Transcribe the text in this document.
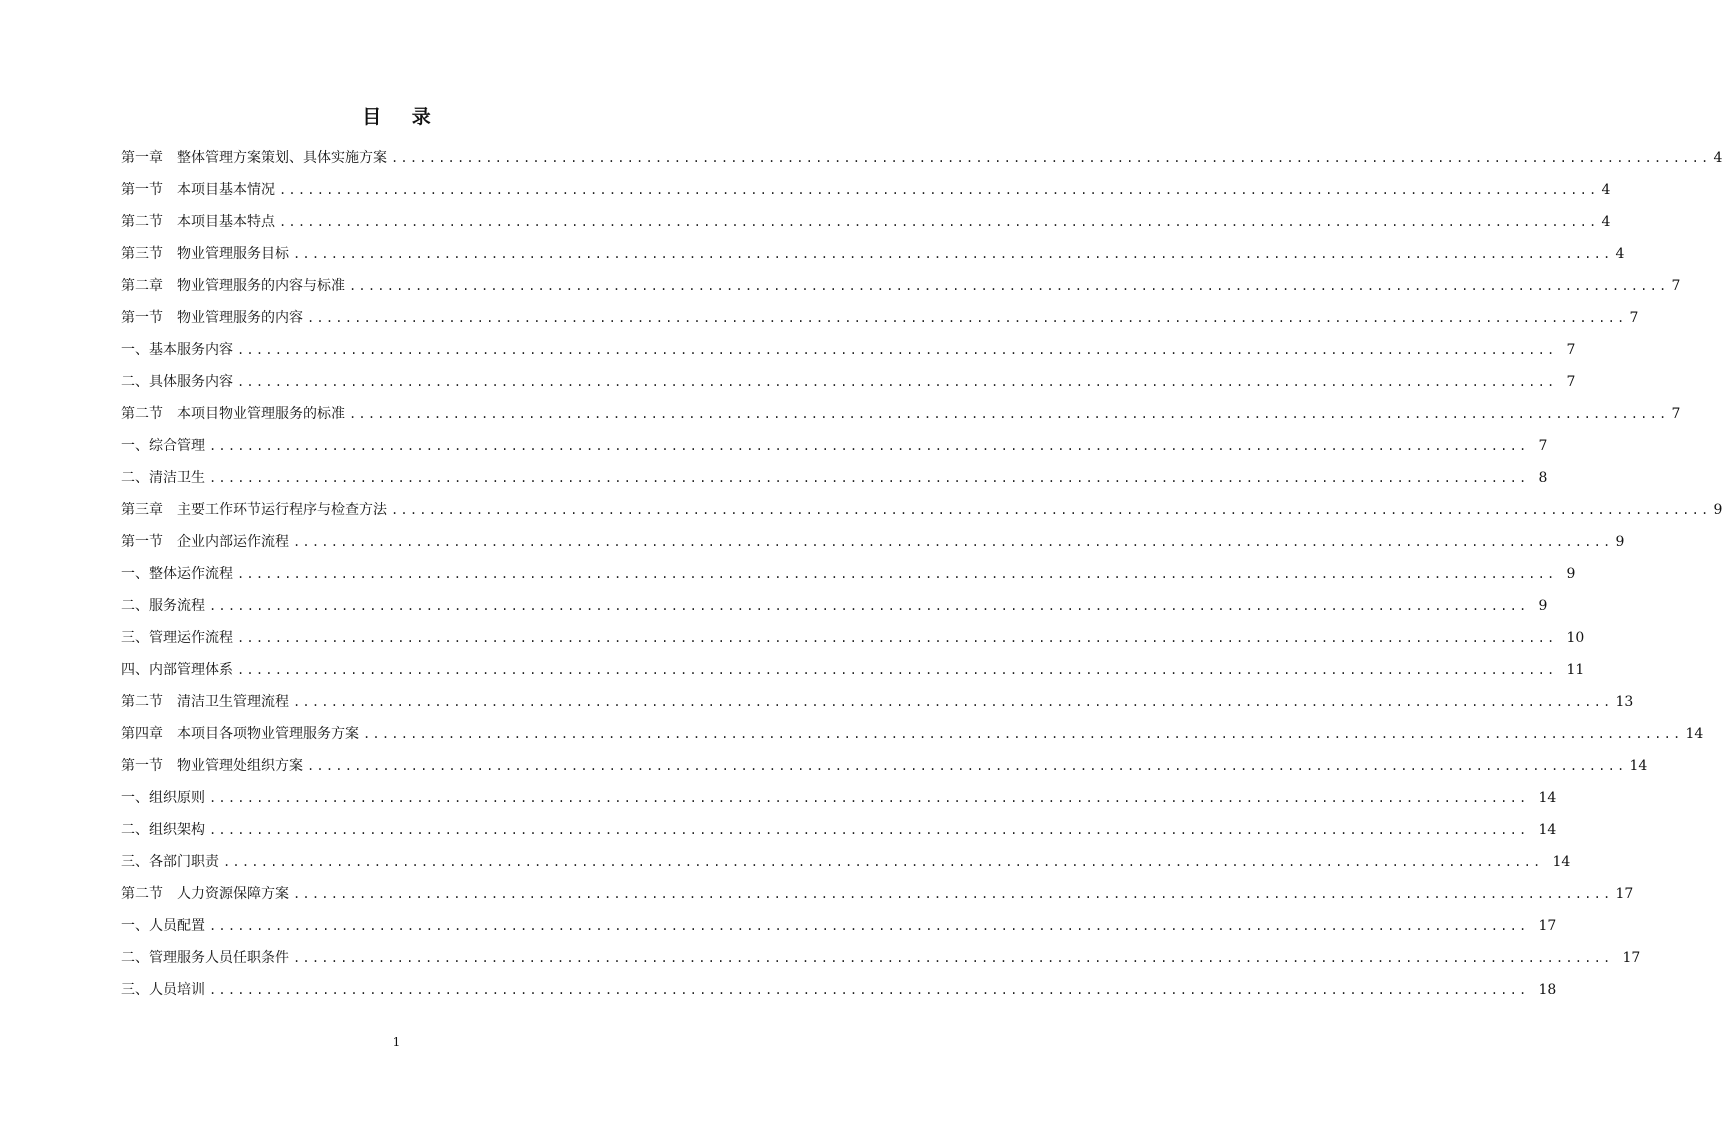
目 录
第一章 整体管理方案策划、具体实施方案 ............................................................................................................................................ 4
第一节 本项目基本情况 ............................................................................................................................................ 4
第二节 本项目基本特点 ............................................................................................................................................ 4
第三节 物业管理服务目标 ............................................................................................................................................ 4
第二章 物业管理服务的内容与标准 ............................................................................................................................................ 7
第一节 物业管理服务的内容 ............................................................................................................................................ 7
一、基本服务内容 ............................................................................................................................................ 7
二、具体服务内容 ............................................................................................................................................ 7
第二节 本项目物业管理服务的标准 ............................................................................................................................................ 7
一、综合管理 ............................................................................................................................................ 7
二、清洁卫生 ............................................................................................................................................ 8
第三章 主要工作环节运行程序与检查方法 ............................................................................................................................................ 9
第一节 企业内部运作流程 ............................................................................................................................................ 9
一、整体运作流程 ............................................................................................................................................ 9
二、服务流程 ............................................................................................................................................ 9
三、管理运作流程 ............................................................................................................................................ 10
四、内部管理体系 ............................................................................................................................................ 11
第二节 清洁卫生管理流程 ............................................................................................................................................ 13
第四章 本项目各项物业管理服务方案 ............................................................................................................................................ 14
第一节 物业管理处组织方案 ............................................................................................................................................ 14
一、组织原则 ............................................................................................................................................ 14
二、组织架构 ............................................................................................................................................ 14
三、各部门职责 ............................................................................................................................................ 14
第二节 人力资源保障方案 ............................................................................................................................................ 17
一、人员配置 ............................................................................................................................................ 17
二、管理服务人员任职条件 ............................................................................................................................................ 17
三、人员培训 ............................................................................................................................................ 18
1
